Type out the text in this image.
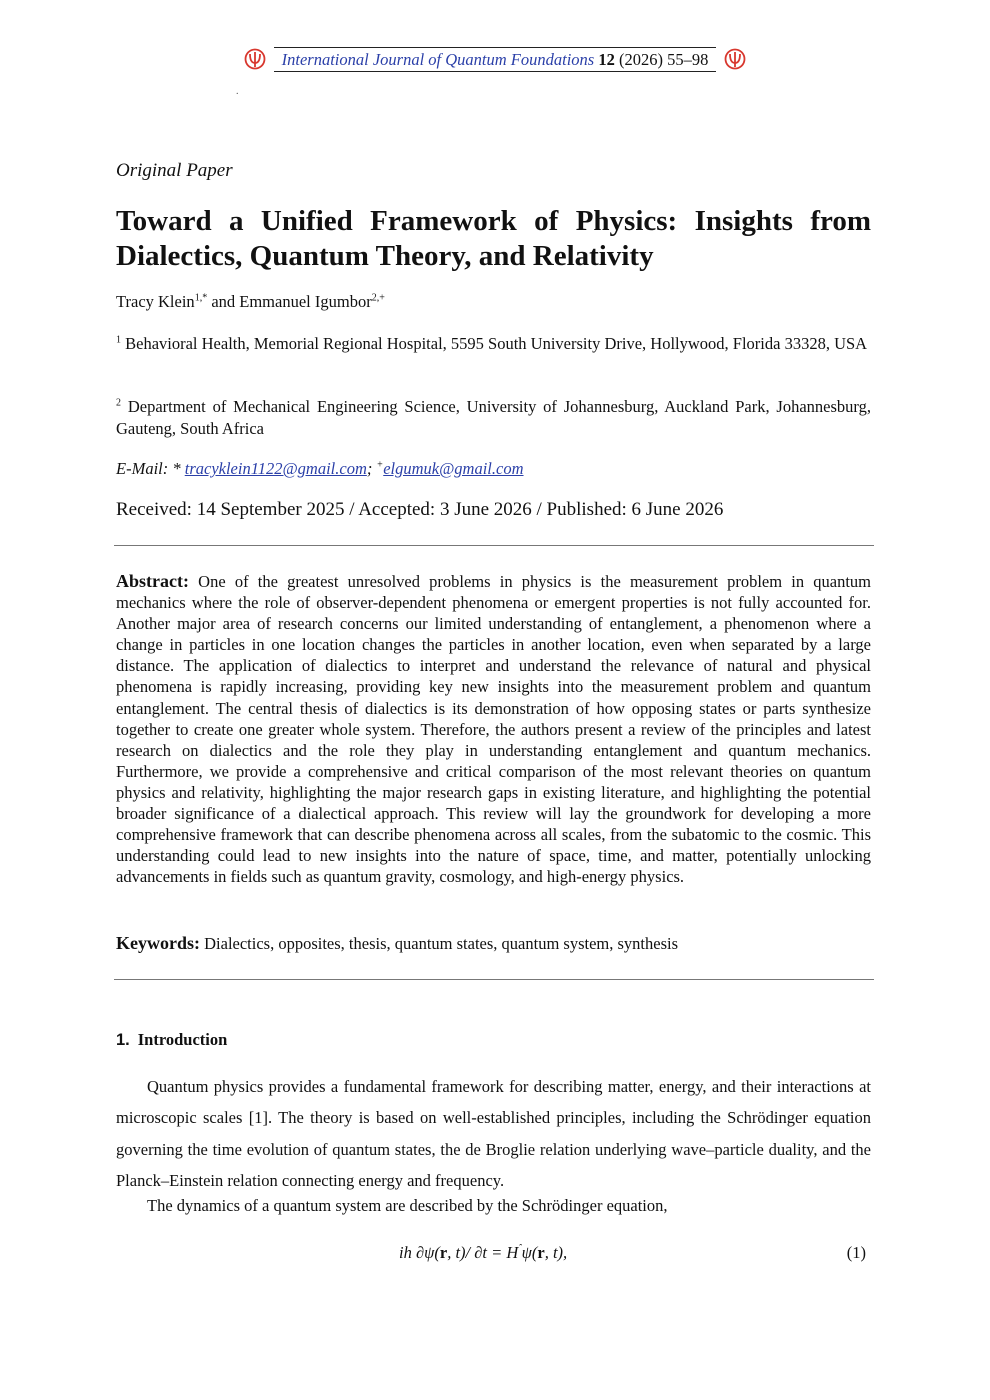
International Journal of Quantum Foundations 12 (2026) 55–98
.
Original Paper
Toward a Unified Framework of Physics: Insights from Dialectics, Quantum Theory, and Relativity
Tracy Klein$^{1,*}$ and Emmanuel Igumbor$^{2,+}$
$^1$ Behavioral Health, Memorial Regional Hospital, 5595 South University Drive, Hollywood, Florida 33328, USA
$^2$ Department of Mechanical Engineering Science, University of Johannesburg, Auckland Park, Johannesburg, Gauteng, South Africa
E-Mail: * tracyklein1122@gmail.com; +elgumuk@gmail.com
Received: 14 September 2025 / Accepted: 3 June 2026 / Published: 6 June 2026
Abstract: One of the greatest unresolved problems in physics is the measurement problem in quantum mechanics where the role of observer-dependent phenomena or emergent properties is not fully accounted for. Another major area of research concerns our limited understanding of entanglement, a phenomenon where a change in particles in one location changes the particles in another location, even when separated by a large distance. The application of dialectics to interpret and understand the relevance of natural and physical phenomena is rapidly increasing, providing key new insights into the measurement problem and quantum entanglement. The central thesis of dialectics is its demonstration of how opposing states or parts synthesize together to create one greater whole system. Therefore, the authors present a review of the principles and latest research on dialectics and the role they play in understanding entanglement and quantum mechanics. Furthermore, we provide a comprehensive and critical comparison of the most relevant theories on quantum physics and relativity, highlighting the major research gaps in existing literature, and highlighting the potential broader significance of a dialectical approach. This review will lay the groundwork for developing a more comprehensive framework that can describe phenomena across all scales, from the subatomic to the cosmic. This understanding could lead to new insights into the nature of space, time, and matter, potentially unlocking advancements in fields such as quantum gravity, cosmology, and high-energy physics.
Keywords: Dialectics, opposites, thesis, quantum states, quantum system, synthesis
1. Introduction

Quantum physics provides a fundamental framework for describing matter, energy, and their interactions at microscopic scales [1]. The theory is based on well-established principles, including the Schrödinger equation governing the time evolution of quantum states, the de Broglie relation underlying wave–particle duality, and the Planck–Einstein relation connecting energy and frequency.

The dynamics of a quantum system are described by the Schrödinger equation,
ih ∂ψ(r, t)/ $\partial t = H^ˆ\psi(r$, t),	(1)
